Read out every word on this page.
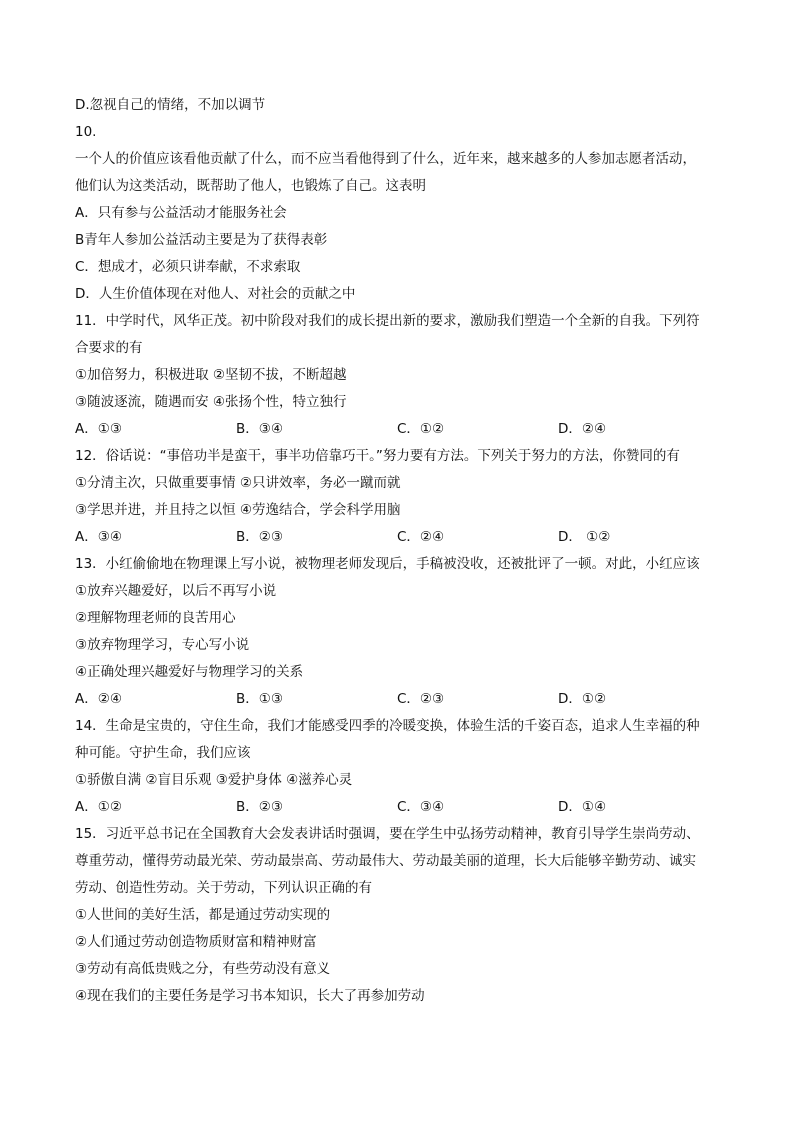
D.忽视自己的情绪，不加以调节
10.
一个人的价值应该看他贡献了什么，而不应当看他得到了什么，近年来，越来越多的人参加志愿者活动，
他们认为这类活动，既帮助了他人，也锻炼了自己。这表明
A．只有参与公益活动才能服务社会
B青年人参加公益活动主要是为了获得表彰
C．想成才，必须只讲奉献，不求索取
D．人生价值体现在对他人、对社会的贡献之中
11．中学时代，风华正茂。初中阶段对我们的成长提出新的要求，激励我们塑造一个全新的自我。下列符
合要求的有
①加倍努力，积极进取 ②坚韧不拔，不断超越
③随波逐流，随遇而安 ④张扬个性，特立独行
A．①③	B．③④	C．①②	D．②④
12．俗话说：“事倍功半是蛮干，事半功倍靠巧干。”努力要有方法。下列关于努力的方法，你赞同的有
①分清主次，只做重要事情 ②只讲效率，务必一蹴而就
③学思并进，并且持之以恒 ④劳逸结合，学会科学用脑
A．③④	B．②③	C．②④	D． ①②
13．小红偷偷地在物理课上写小说，被物理老师发现后，手稿被没收，还被批评了一顿。对此，小红应该
①放弃兴趣爱好，以后不再写小说
②理解物理老师的良苦用心
③放弃物理学习，专心写小说
④正确处理兴趣爱好与物理学习的关系
A．②④	B．①③	C．②③	D．①②
14．生命是宝贵的，守住生命，我们才能感受四季的冷暖变换，体验生活的千姿百态，追求人生幸福的种
种可能。守护生命，我们应该
①骄傲自满 ②盲目乐观 ③爱护身体 ④滋养心灵
A．①②	B．②③	C．③④	D．①④
15．习近平总书记在全国教育大会发表讲话时强调，要在学生中弘扬劳动精神，教育引导学生崇尚劳动、
尊重劳动，懂得劳动最光荣、劳动最崇高、劳动最伟大、劳动最美丽的道理，长大后能够辛勤劳动、诚实
劳动、创造性劳动。关于劳动，下列认识正确的有
①人世间的美好生活，都是通过劳动实现的
②人们通过劳动创造物质财富和精神财富
③劳动有高低贵贱之分，有些劳动没有意义
④现在我们的主要任务是学习书本知识，长大了再参加劳动
